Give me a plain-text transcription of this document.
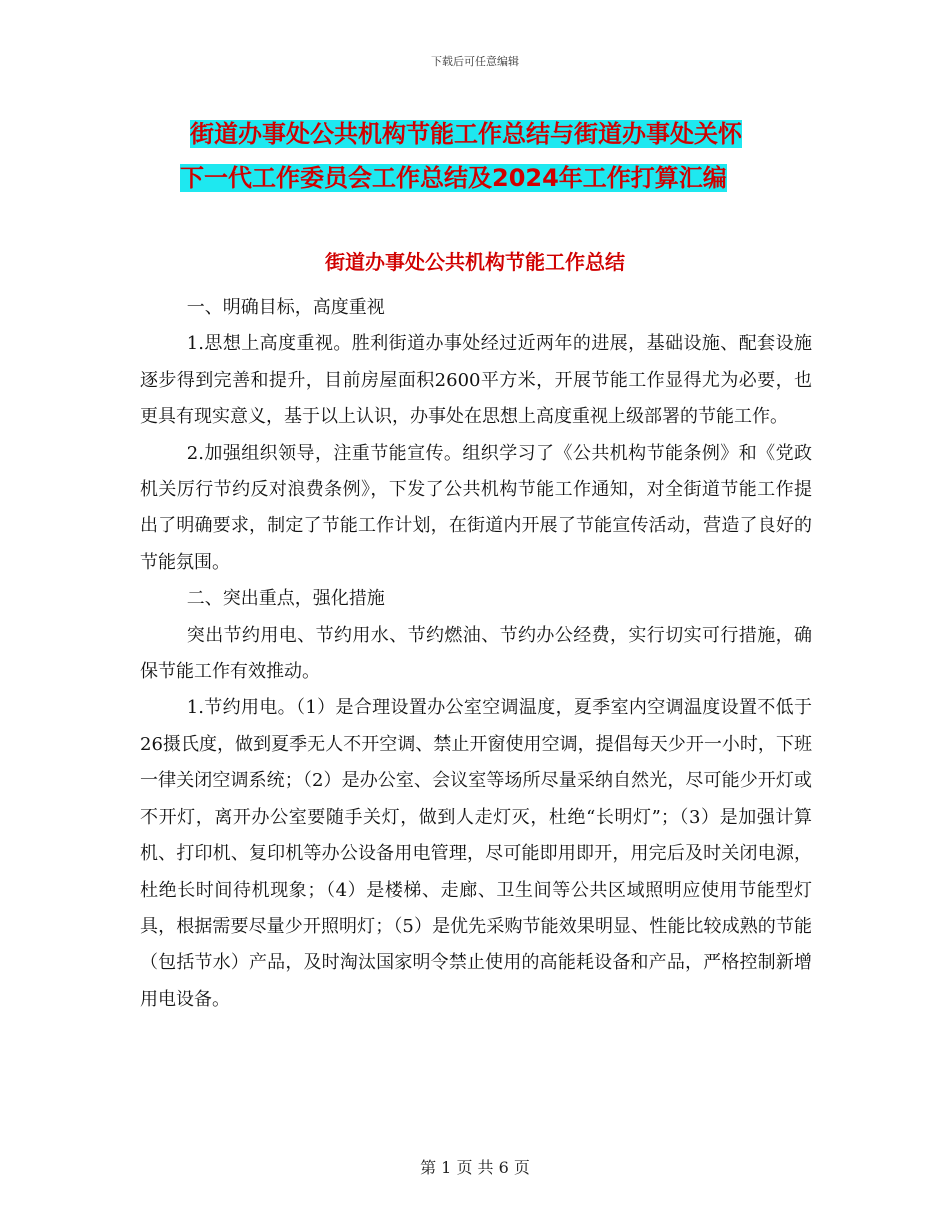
下载后可任意编辑
街道办事处公共机构节能工作总结与街道办事处关怀
下一代工作委员会工作总结及2024年工作打算汇编
街道办事处公共机构节能工作总结

一、明确目标，高度重视

1.思想上高度重视。胜利街道办事处经过近两年的进展，基础设施、配套设施逐步得到完善和提升，目前房屋面积2600平方米，开展节能工作显得尤为必要，也更具有现实意义，基于以上认识，办事处在思想上高度重视上级部署的节能工作。

2.加强组织领导，注重节能宣传。组织学习了《公共机构节能条例》和《党政机关厉行节约反对浪费条例》，下发了公共机构节能工作通知，对全街道节能工作提出了明确要求，制定了节能工作计划，在街道内开展了节能宣传活动，营造了良好的节能氛围。

二、突出重点，强化措施

突出节约用电、节约用水、节约燃油、节约办公经费，实行切实可行措施，确保节能工作有效推动。

1.节约用电。（1）是合理设置办公室空调温度，夏季室内空调温度设置不低于26摄氏度，做到夏季无人不开空调、禁止开窗使用空调，提倡每天少开一小时，下班一律关闭空调系统；（2）是办公室、会议室等场所尽量采纳自然光，尽可能少开灯或不开灯，离开办公室要随手关灯，做到人走灯灭，杜绝“长明灯”；（3）是加强计算机、打印机、复印机等办公设备用电管理，尽可能即用即开，用完后及时关闭电源，杜绝长时间待机现象；（4）是楼梯、走廊、卫生间等公共区域照明应使用节能型灯具，根据需要尽量少开照明灯；（5）是优先采购节能效果明显、性能比较成熟的节能（包括节水）产品，及时淘汰国家明令禁止使用的高能耗设备和产品，严格控制新增用电设备。

第 1 页 共 6 页
